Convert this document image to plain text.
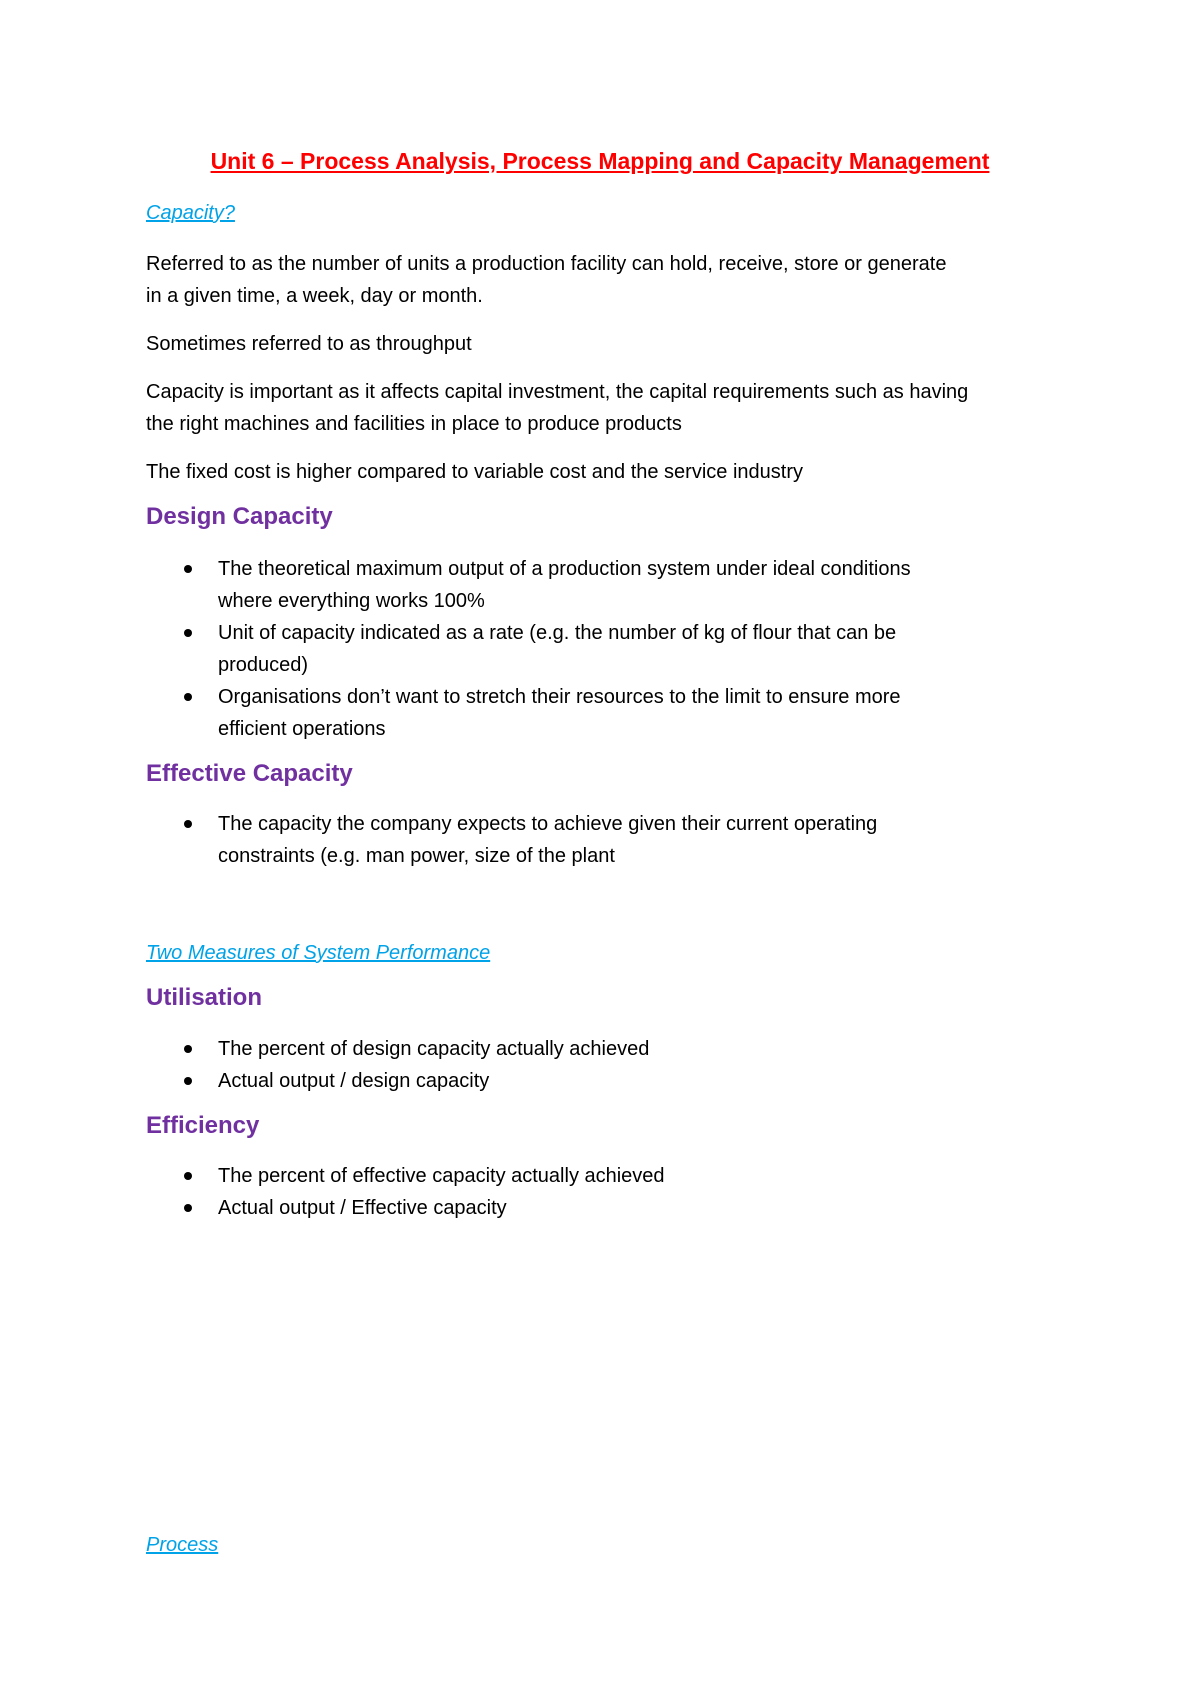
Unit 6 – Process Analysis, Process Mapping and Capacity Management
Capacity?

Referred to as the number of units a production facility can hold, receive, store or generate
in a given time, a week, day or month.

Sometimes referred to as throughput

Capacity is important as it affects capital investment, the capital requirements such as having
the right machines and facilities in place to produce products

The fixed cost is higher compared to variable cost and the service industry

Design Capacity
The theoretical maximum output of a production system under ideal conditions
where everything works 100%
Unit of capacity indicated as a rate (e.g. the number of kg of flour that can be
produced)
Organisations don’t want to stretch their resources to the limit to ensure more
efficient operations
Effective Capacity
The capacity the company expects to achieve given their current operating
constraints (e.g. man power, size of the plant
Two Measures of System Performance
Utilisation
The percent of design capacity actually achieved
Actual output / design capacity
Efficiency
The percent of effective capacity actually achieved
Actual output / Effective capacity
Process
